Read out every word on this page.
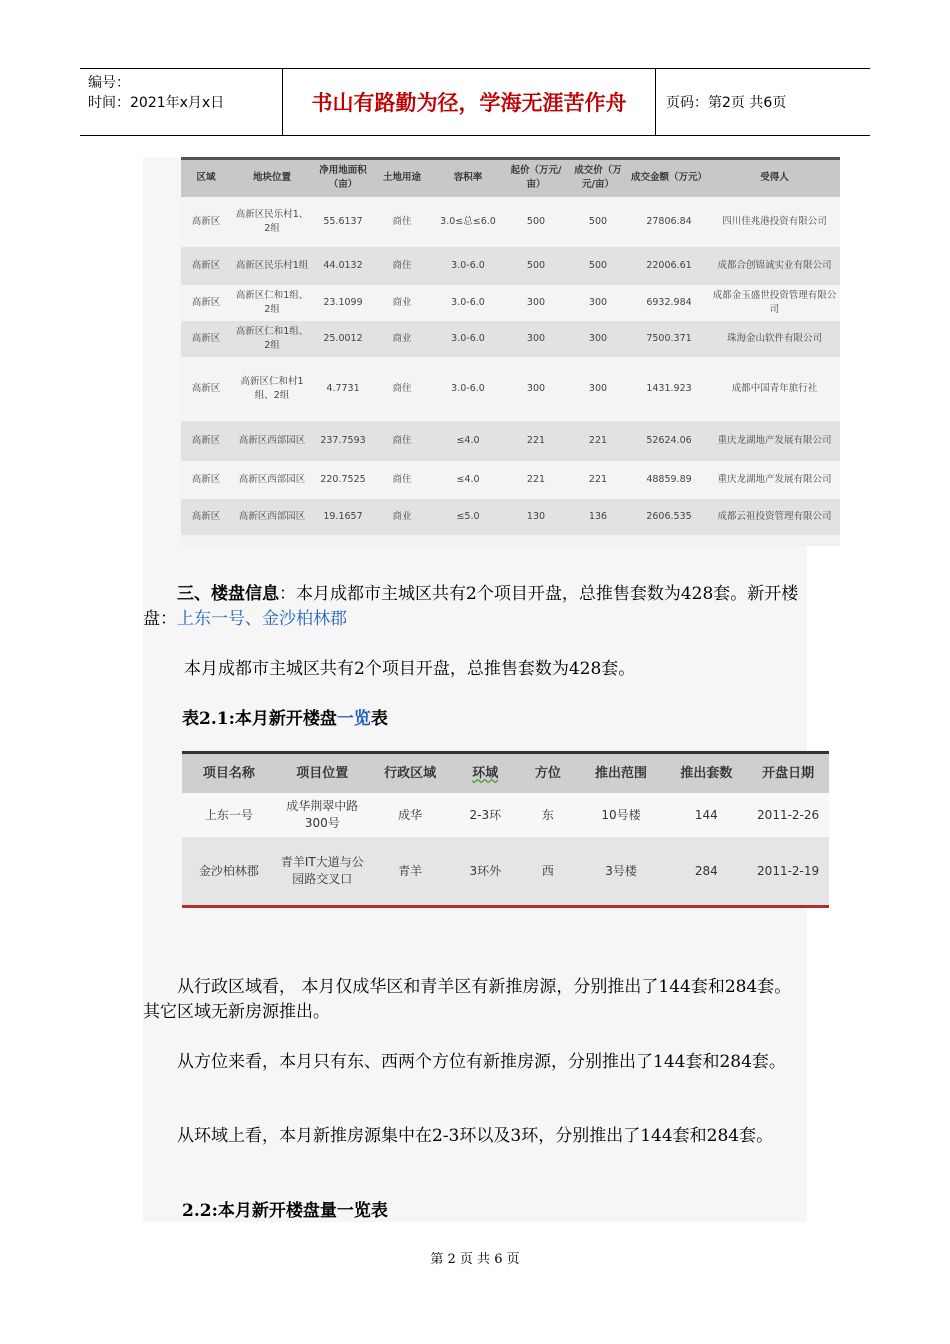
编号：
时间：2021年x月x日	书山有路勤为径，学海无涯苦作舟	页码：第2页 共6页
区域	地块位置	净用地面积（亩）	土地用途	容积率	起价（万元/亩）	成交价（万元/亩）	成交金额（万元）	受得人
高新区	高新区民乐村1、2组	55.6137	商住	3.0≤总≤6.0	500	500	27806.84	四川佳兆港投资有限公司
高新区	高新区民乐村1组	44.0132	商住	3.0-6.0	500	500	22006.61	成都合创锦诚实业有限公司
高新区	高新区仁和1组、2组	23.1099	商业	3.0-6.0	300	300	6932.984	成都金玉盛世投资管理有限公司
高新区	高新区仁和1组、2组	25.0012	商业	3.0-6.0	300	300	7500.371	珠海金山软件有限公司
高新区	高新区仁和村1组、2组	4.7731	商住	3.0-6.0	300	300	1431.923	成都中国青年旅行社
高新区	高新区西部园区	237.7593	商住	≤4.0	221	221	52624.06	重庆龙湖地产发展有限公司
高新区	高新区西部园区	220.7525	商住	≤4.0	221	221	48859.89	重庆龙湖地产发展有限公司
高新区	高新区西部园区	19.1657	商业	≤5.0	130	136	2606.535	成都云祖投资管理有限公司

三、楼盘信息：本月成都市主城区共有2个项目开盘，总推售套数为428套。新开楼盘：上东一号、金沙柏林郡

本月成都市主城区共有2个项目开盘，总推售套数为428套。

表2.1:本月新开楼盘一览表

项目名称	项目位置	行政区域	环域	方位	推出范围	推出套数	开盘日期
上东一号	成华荆翠中路300号	成华	2-3环	东	10号楼	144	2011-2-26
金沙柏林郡	青羊IT大道与公园路交叉口	青羊	3环外	西	3号楼	284	2011-2-19

从行政区域看， 本月仅成华区和青羊区有新推房源，分别推出了144套和284套。其它区域无新房源推出。

从方位来看，本月只有东、西两个方位有新推房源，分别推出了144套和284套。

从环域上看，本月新推房源集中在2-3环以及3环，分别推出了144套和284套。

2.2:本月新开楼盘量一览表

第 2 页 共 6 页
